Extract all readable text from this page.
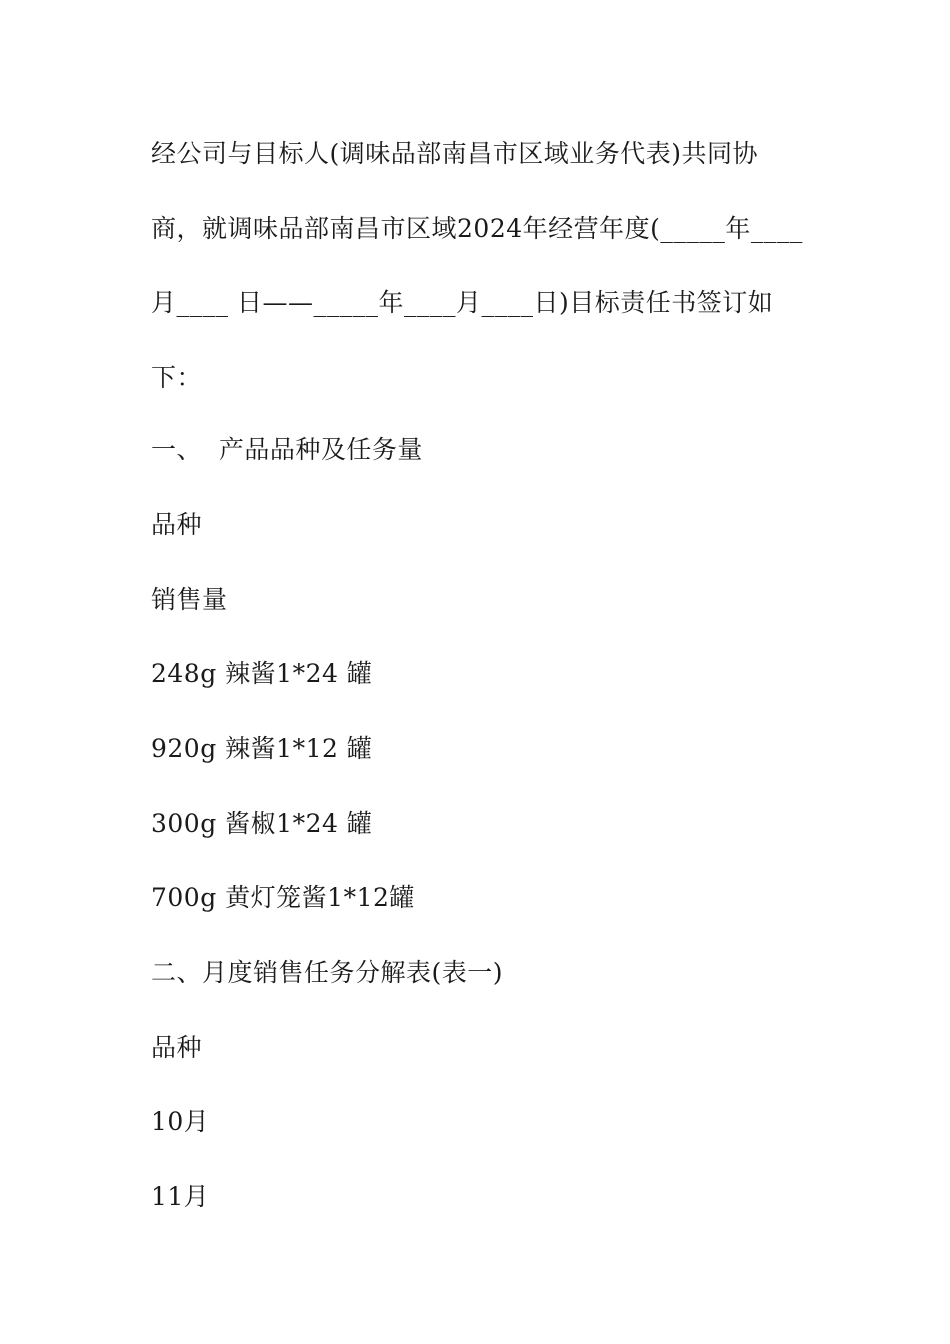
经公司与目标人(调味品部南昌市区域业务代表)共同协
商，就调味品部南昌市区域2024年经营年度(_____年____
月____ 日——_____年____月____日)目标责任书签订如
下：
一、  产品品种及任务量
品种
销售量
248g 辣酱1*24 罐
920g 辣酱1*12 罐
300g 酱椒1*24 罐
700g 黄灯笼酱1*12罐
二、月度销售任务分解表(表一)
品种
10月
11月
